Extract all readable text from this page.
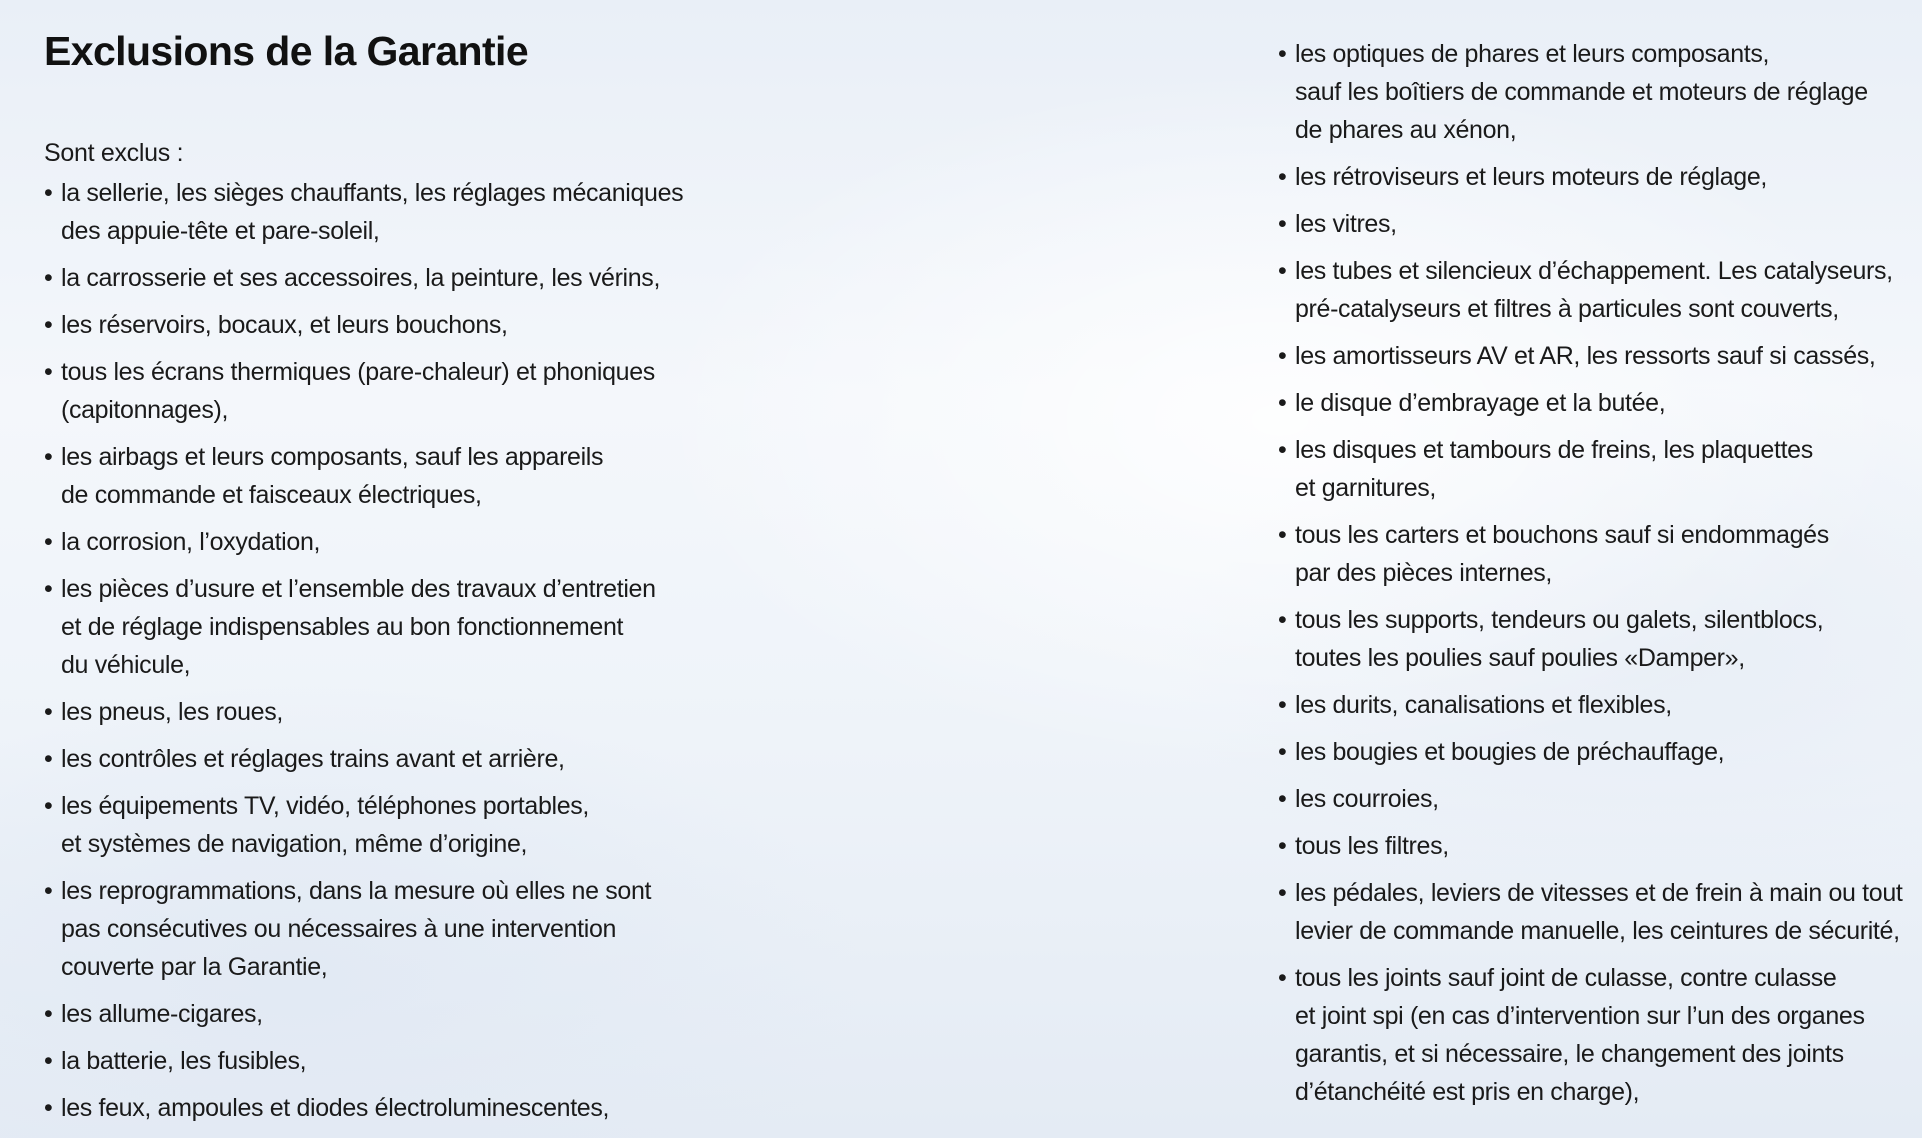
Exclusions de la Garantie

Sont exclus :

• la sellerie, les sièges chauffants, les réglages mécaniques
des appuie-tête et pare-soleil,
• la carrosserie et ses accessoires, la peinture, les vérins,
• les réservoirs, bocaux, et leurs bouchons,
• tous les écrans thermiques (pare-chaleur) et phoniques
(capitonnages),
• les airbags et leurs composants, sauf les appareils
de commande et faisceaux électriques,
• la corrosion, l’oxydation,
• les pièces d’usure et l’ensemble des travaux d’entretien
et de réglage indispensables au bon fonctionnement
du véhicule,
• les pneus, les roues,
• les contrôles et réglages trains avant et arrière,
• les équipements TV, vidéo, téléphones portables,
et systèmes de navigation, même d’origine,
• les reprogrammations, dans la mesure où elles ne sont
pas consécutives ou nécessaires à une intervention
couverte par la Garantie,
• les allume-cigares,
• la batterie, les fusibles,
• les feux, ampoules et diodes électroluminescentes,
• les optiques de phares et leurs composants,
sauf les boîtiers de commande et moteurs de réglage
de phares au xénon,
• les rétroviseurs et leurs moteurs de réglage,
• les vitres,
• les tubes et silencieux d’échappement. Les catalyseurs,
pré-catalyseurs et filtres à particules sont couverts,
• les amortisseurs AV et AR, les ressorts sauf si cassés,
• le disque d’embrayage et la butée,
• les disques et tambours de freins, les plaquettes
et garnitures,
• tous les carters et bouchons sauf si endommagés
par des pièces internes,
• tous les supports, tendeurs ou galets, silentblocs,
toutes les poulies sauf poulies «Damper»,
• les durits, canalisations et flexibles,
• les bougies et bougies de préchauffage,
• les courroies,
• tous les filtres,
• les pédales, leviers de vitesses et de frein à main ou tout
levier de commande manuelle, les ceintures de sécurité,
• tous les joints sauf joint de culasse, contre culasse
et joint spi (en cas d’intervention sur l’un des organes
garantis, et si nécessaire, le changement des joints
d’étanchéité est pris en charge),
